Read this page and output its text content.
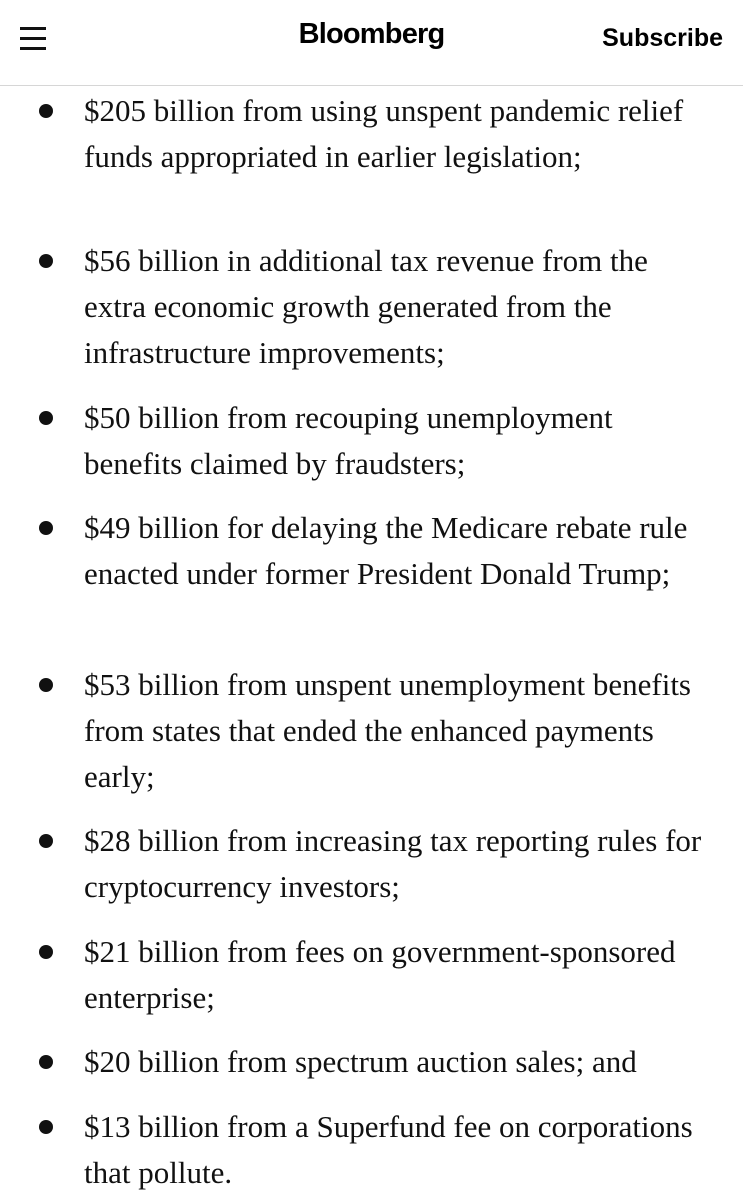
Bloomberg	Subscribe
$205 billion from using unspent pandemic relief funds appropriated in earlier legislation;
$56 billion in additional tax revenue from the extra economic growth generated from the infrastructure improvements;
$50 billion from recouping unemployment benefits claimed by fraudsters;
$49 billion for delaying the Medicare rebate rule enacted under former President Donald Trump;
$53 billion from unspent unemployment benefits from states that ended the enhanced payments early;
$28 billion from increasing tax reporting rules for cryptocurrency investors;
$21 billion from fees on government-sponsored enterprise;
$20 billion from spectrum auction sales; and
$13 billion from a Superfund fee on corporations that pollute.
